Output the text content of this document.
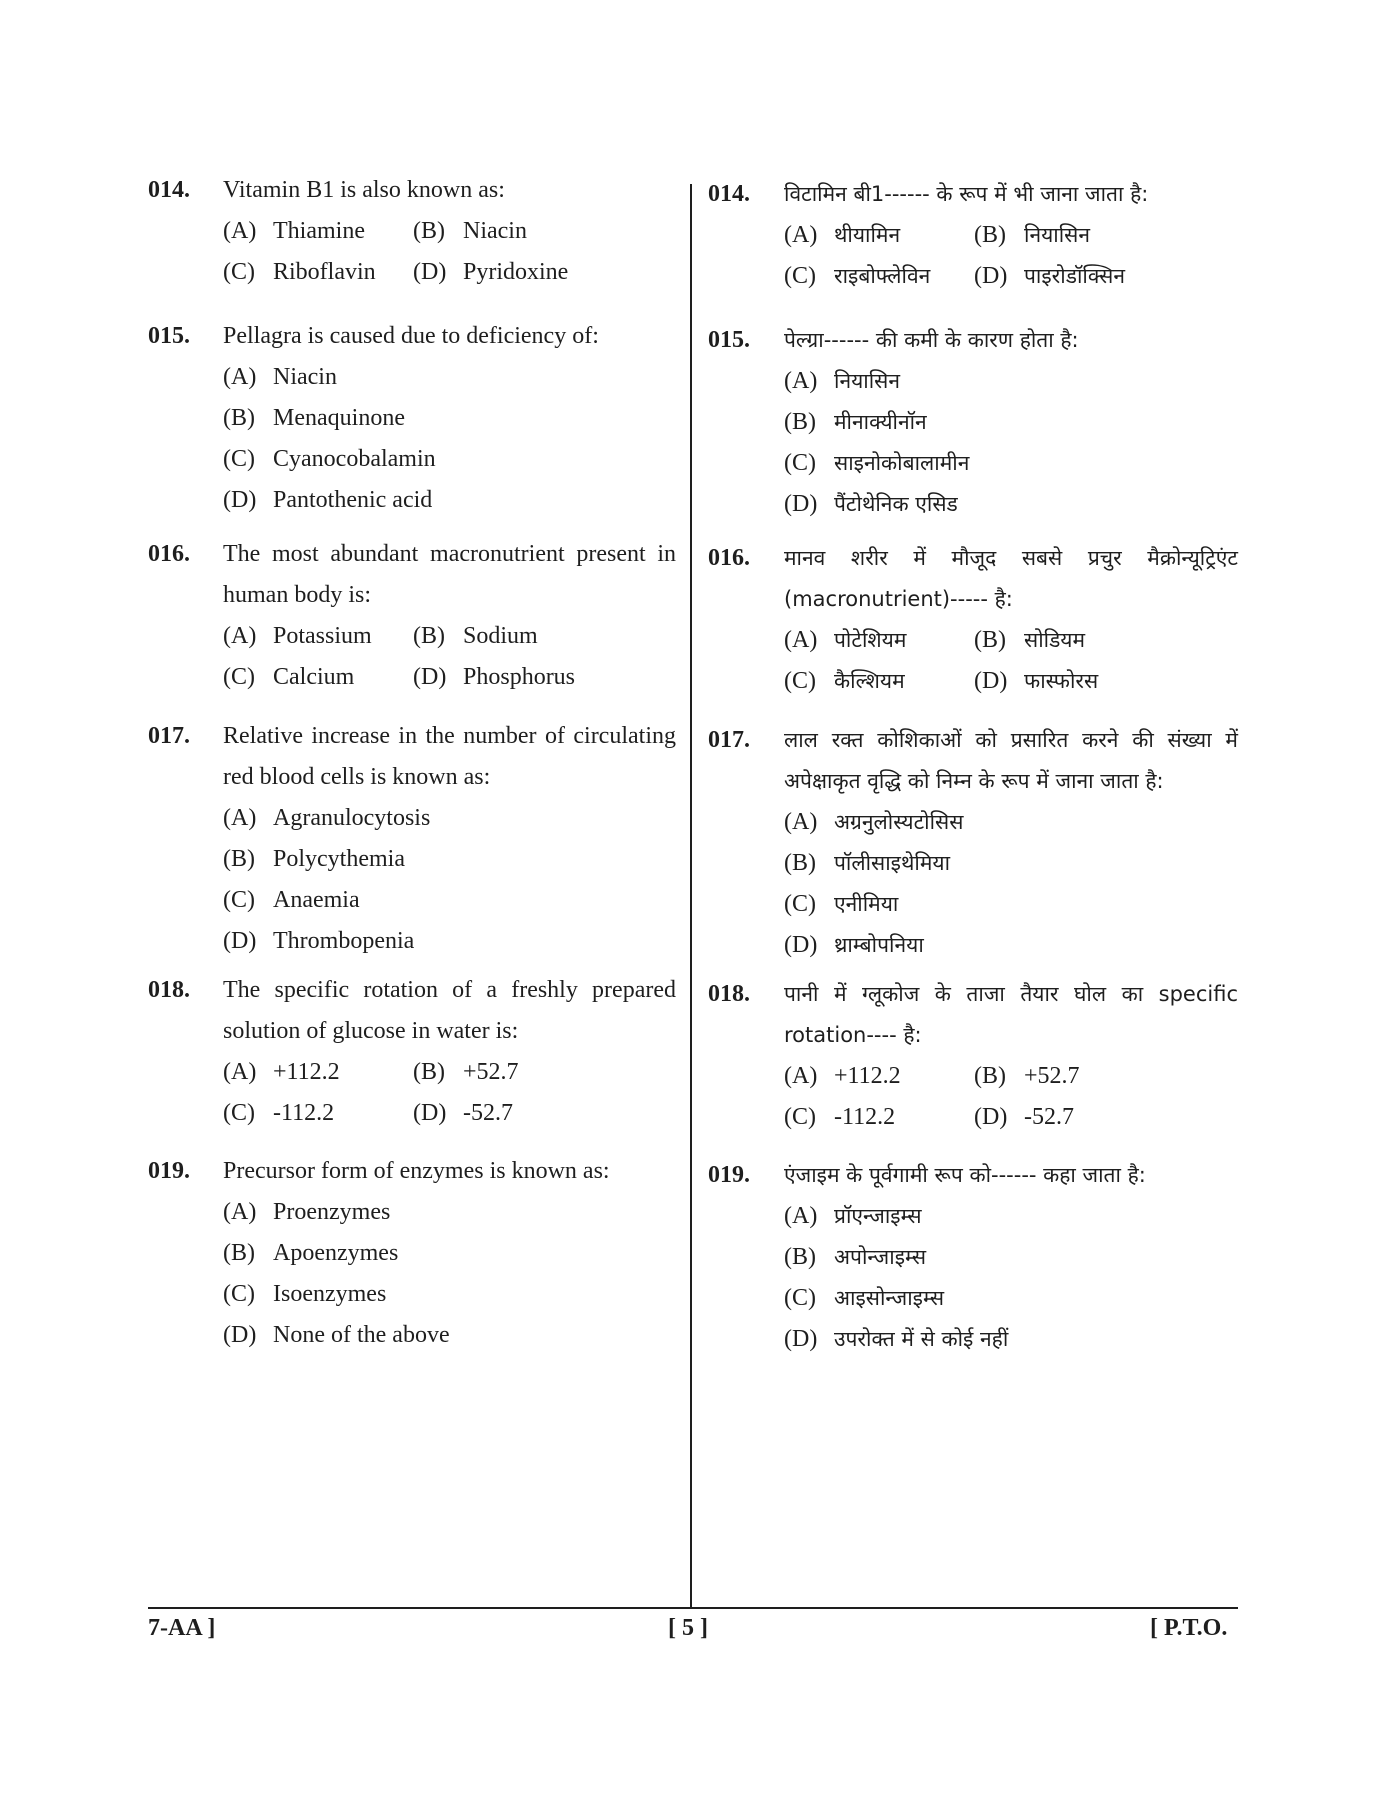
014. Vitamin B1 is also known as:
(A) Thiamine (B) Niacin
(C) Riboflavin (D) Pyridoxine
015. Pellagra is caused due to deficiency of:
(A) Niacin
(B) Menaquinone
(C) Cyanocobalamin
(D) Pantothenic acid
016. The most abundant macronutrient present in human body is:
(A) Potassium (B) Sodium
(C) Calcium (D) Phosphorus
017. Relative increase in the number of circulating red blood cells is known as:
(A) Agranulocytosis
(B) Polycythemia
(C) Anaemia
(D) Thrombopenia
018. The specific rotation of a freshly prepared solution of glucose in water is:
(A) +112.2	(B) +52.7
(C) -112.2	(D) -52.7
019. Precursor form of enzymes is known as:
(A) Proenzymes
(B) Apoenzymes
(C) Isoenzymes
(D) None of the above
014. विटामिन बी1------ के रूप में भी जाना जाता है:
(A) थीयामिन	(B) नियासिन
(C) राइबोफ्लेविन (D) पाइरोडॉक्सिन
015. पेल्ग्रा------ की कमी के कारण होता है:
(A) नियासिन
(B) मीनाक्यीनॉन
(C) साइनोकोबालामीन
(D) पैंटोथेनिक एसिड
016. मानव शरीर में मौजूद सबसे प्रचुर मैक्रोन्यूट्रिएंट (macronutrient)----- है:
(A) पोटेशियम	(B) सोडियम
(C) कैल्शियम	(D) फास्फोरस
017. लाल रक्त कोशिकाओं को प्रसारित करने की संख्या में अपेक्षाकृत वृद्धि को निम्न के रूप में जाना जाता है:
(A) अग्रनुलोस्यटोसिस
(B) पॉलीसाइथेमिया
(C) एनीमिया
(D) थ्राम्बोपनिया
018. पानी में ग्लूकोज के ताजा तैयार घोल का specific rotation---- है:
(A) +112.2	(B) +52.7
(C) -112.2	(D) -52.7
019. एंजाइम के पूर्वगामी रूप को------ कहा जाता है:
(A) प्रॉएन्जाइम्स
(B) अपोन्जाइम्स
(C) आइसोन्जाइम्स
(D) उपरोक्त में से कोई नहीं
7-AA ]	[ 5 ]	[ P.T.O.
